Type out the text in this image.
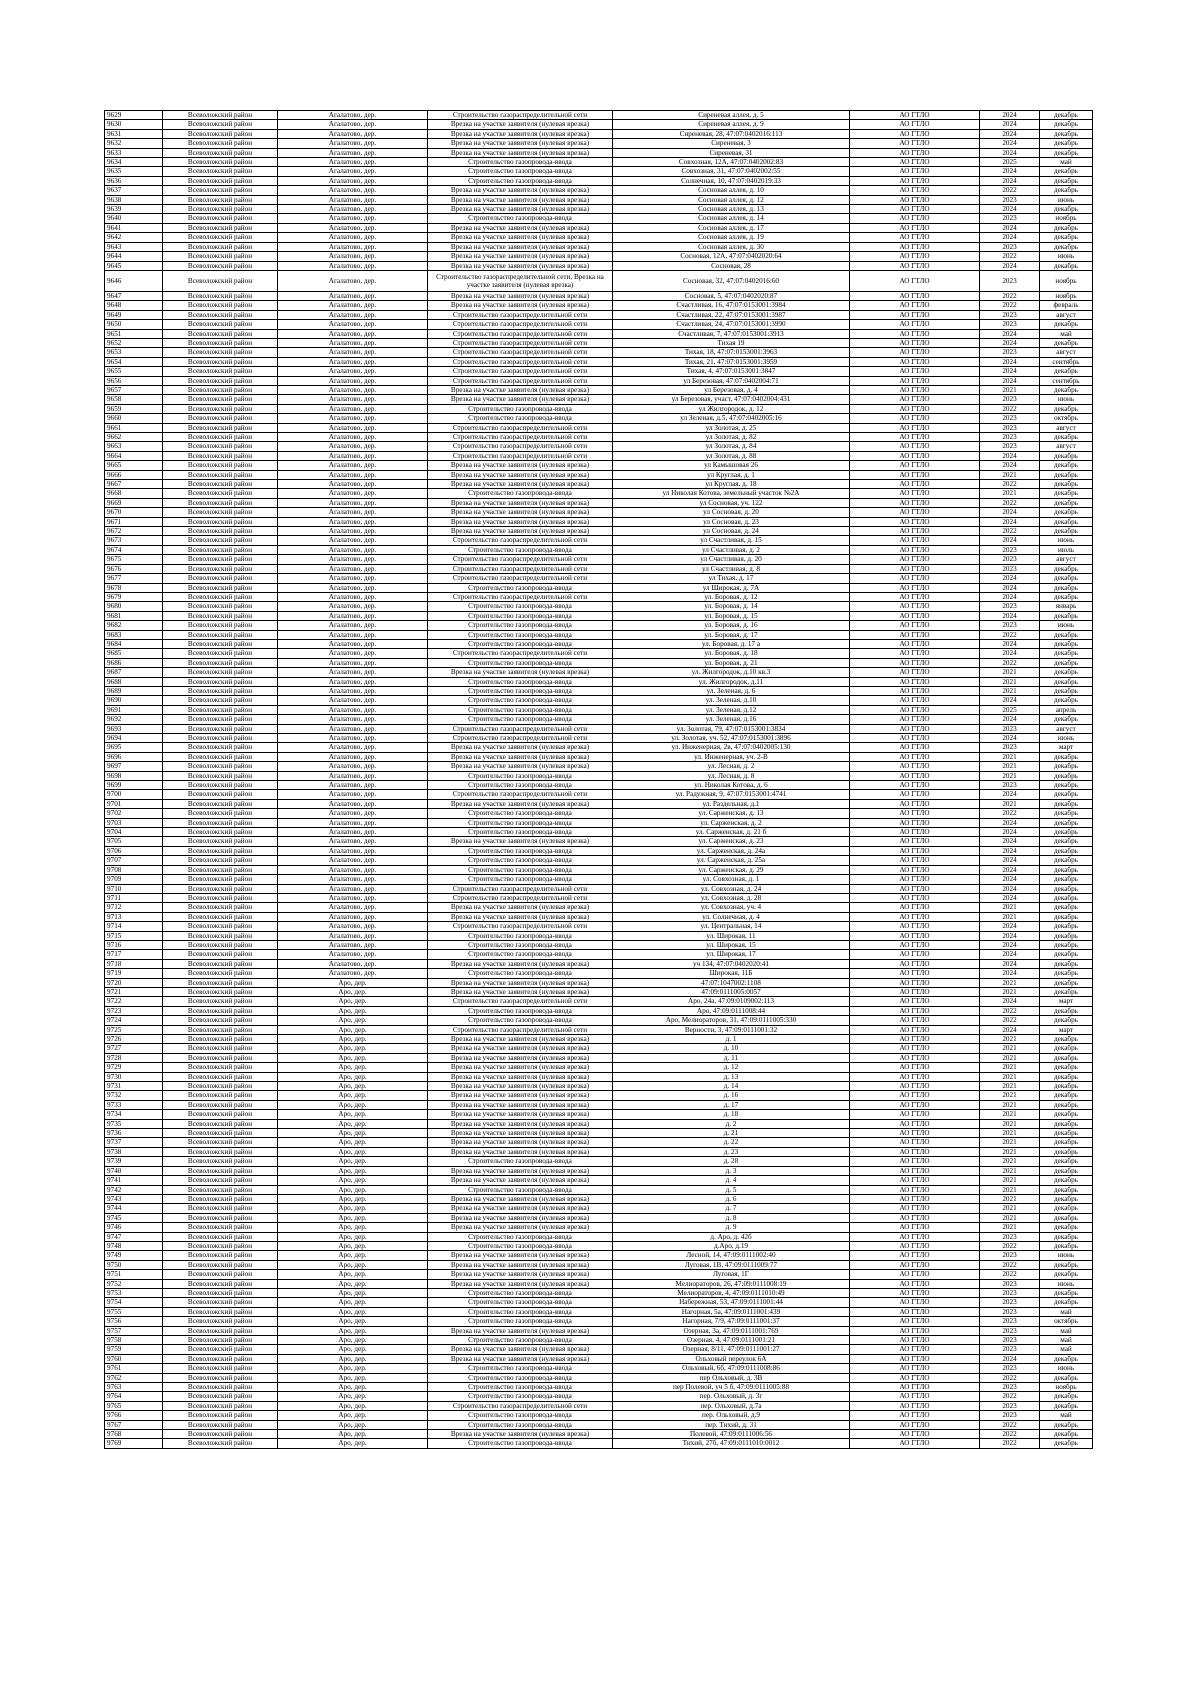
9629	Всеволожский район	Агалатово, дер.	Строительство газораспределительной сети	Сиреневая аллея, д. 5	АО ГТЛО	2024	декабрь
9630	Всеволожский район	Агалатово, дер.	Врезка на участке заявителя (нулевая врезка)	Сиреневая аллея, д. 9	АО ГТЛО	2024	декабрь
9631	Всеволожский район	Агалатово, дер.	Врезка на участке заявителя (нулевая врезка)	Сиреневая, 28, 47:07:0402016:113	АО ГТЛО	2024	декабрь
9632	Всеволожский район	Агалатово, дер.	Врезка на участке заявителя (нулевая врезка)	Сиреневая, 3	АО ГТЛО	2024	декабрь
9633	Всеволожский район	Агалатово, дер.	Врезка на участке заявителя (нулевая врезка)	Сиреневая, 31	АО ГТЛО	2024	декабрь
9634	Всеволожский район	Агалатово, дер.	Строительство газопровода-ввода	Совхозная, 12А, 47:07:0402002:83	АО ГТЛО	2025	май
9635	Всеволожский район	Агалатово, дер.	Строительство газопровода-ввода	Совхозная, 31, 47:07:0402002:55	АО ГТЛО	2024	декабрь
9636	Всеволожский район	Агалатово, дер.	Строительство газопровода-ввода	Солнечная, 10, 47:07:0402019:33	АО ГТЛО	2024	декабрь
9637	Всеволожский район	Агалатово, дер.	Врезка на участке заявителя (нулевая врезка)	Сосновая аллея, д. 10	АО ГТЛО	2022	декабрь
9638	Всеволожский район	Агалатово, дер.	Врезка на участке заявителя (нулевая врезка)	Сосновая аллея, д. 12	АО ГТЛО	2023	июнь
9639	Всеволожский район	Агалатово, дер.	Врезка на участке заявителя (нулевая врезка)	Сосновая аллея, д. 13	АО ГТЛО	2024	декабрь
9640	Всеволожский район	Агалатово, дер.	Строительство газопровода-ввода	Сосновая аллея, д. 14	АО ГТЛО	2023	ноябрь
9641	Всеволожский район	Агалатово, дер.	Врезка на участке заявителя (нулевая врезка)	Сосновая аллея, д. 17	АО ГТЛО	2024	декабрь
9642	Всеволожский район	Агалатово, дер.	Врезка на участке заявителя (нулевая врезка)	Сосновая аллея, д. 19	АО ГТЛО	2024	декабрь
9643	Всеволожский район	Агалатово, дер.	Врезка на участке заявителя (нулевая врезка)	Сосновая аллея, д. 30	АО ГТЛО	2023	декабрь
9644	Всеволожский район	Агалатово, дер.	Врезка на участке заявителя (нулевая врезка)	Сосновая, 12А, 47:07:0402020:64	АО ГТЛО	2022	июнь
9645	Всеволожский район	Агалатово, дер.	Врезка на участке заявителя (нулевая врезка)	Сосновая, 28	АО ГТЛО	2024	декабрь
9646	Всеволожский район	Агалатово, дер.	Строительство газораспределительной сети, Врезка на участке заявителя (нулевая врезка)	Сосновая, 32, 47:07:0402016:60	АО ГТЛО	2023	ноябрь
9647	Всеволожский район	Агалатово, дер.	Врезка на участке заявителя (нулевая врезка)	Сосновая, 5, 47:07:0402020:87	АО ГТЛО	2022	ноябрь
9648	Всеволожский район	Агалатово, дер.	Врезка на участке заявителя (нулевая врезка)	Счастливая, 16, 47:07:0153001:3984	АО ГТЛО	2022	февраль
9649	Всеволожский район	Агалатово, дер.	Строительство газораспределительной сети	Счастливая, 22, 47:07:0153001:3987	АО ГТЛО	2023	август
9650	Всеволожский район	Агалатово, дер.	Строительство газораспределительной сети	Счастливая, 24, 47:07:0153001:3990	АО ГТЛО	2023	декабрь
9651	Всеволожский район	Агалатово, дер.	Строительство газораспределительной сети	Счастливая, 7, 47:07:0153001:3913	АО ГТЛО	2024	май
9652	Всеволожский район	Агалатово, дер.	Строительство газораспределительной сети	Тихая 19	АО ГТЛО	2024	декабрь
9653	Всеволожский район	Агалатово, дер.	Строительство газораспределительной сети	Тихая, 18, 47:07:0153001:3963	АО ГТЛО	2023	август
9654	Всеволожский район	Агалатово, дер.	Строительство газораспределительной сети	Тихая, 21, 47:07:0153001:3959	АО ГТЛО	2024	сентябрь
9655	Всеволожский район	Агалатово, дер.	Строительство газораспределительной сети	Тихая, 4, 47:07:0153001:3847	АО ГТЛО	2024	декабрь
9656	Всеволожский район	Агалатово, дер.	Строительство газораспределительной сети	ул Березовая, 47:07:0402004:71	АО ГТЛО	2024	сентябрь
9657	Всеволожский район	Агалатово, дер.	Врезка на участке заявителя (нулевая врезка)	ул Березовая, д. 4	АО ГТЛО	2021	декабрь
9658	Всеволожский район	Агалатово, дер.	Врезка на участке заявителя (нулевая врезка)	ул Березовая, участ, 47:07:0402004:431	АО ГТЛО	2023	июнь
9659	Всеволожский район	Агалатово, дер.	Строительство газопровода-ввода	ул Жилгородок, д. 12	АО ГТЛО	2022	декабрь
9660	Всеволожский район	Агалатово, дер.	Строительство газопровода-ввода	ул Зеленая, д.5, 47:07:0402005:16	АО ГТЛО	2023	октябрь
9661	Всеволожский район	Агалатово, дер.	Строительство газораспределительной сети	ул Золотая, д. 25	АО ГТЛО	2023	август
9662	Всеволожский район	Агалатово, дер.	Строительство газораспределительной сети	ул Золотая, д. 82	АО ГТЛО	2023	декабрь
9663	Всеволожский район	Агалатово, дер.	Строительство газораспределительной сети	ул Золотая, д. 84	АО ГТЛО	2023	август
9664	Всеволожский район	Агалатово, дер.	Строительство газораспределительной сети	ул Золотая, д. 88	АО ГТЛО	2024	декабрь
9665	Всеволожский район	Агалатово, дер.	Врезка на участке заявителя (нулевая врезка)	ул Камышовая 26	АО ГТЛО	2024	декабрь
9666	Всеволожский район	Агалатово, дер.	Врезка на участке заявителя (нулевая врезка)	ул Круглая, д. 1	АО ГТЛО	2021	декабрь
9667	Всеволожский район	Агалатово, дер.	Врезка на участке заявителя (нулевая врезка)	ул Круглая, д. 18	АО ГТЛО	2022	декабрь
9668	Всеволожский район	Агалатово, дер.	Строительство газопровода-ввода	ул Николая Котова, земельный участок №2А	АО ГТЛО	2021	декабрь
9669	Всеволожский район	Агалатово, дер.	Врезка на участке заявителя (нулевая врезка)	ул Сосновая, уч. 122	АО ГТЛО	2022	декабрь
9670	Всеволожский район	Агалатово, дер.	Врезка на участке заявителя (нулевая врезка)	ул Сосновая, д. 20	АО ГТЛО	2024	декабрь
9671	Всеволожский район	Агалатово, дер.	Врезка на участке заявителя (нулевая врезка)	ул Сосновая, д. 23	АО ГТЛО	2024	декабрь
9672	Всеволожский район	Агалатово, дер.	Врезка на участке заявителя (нулевая врезка)	ул Сосновая, д. 24	АО ГТЛО	2022	декабрь
9673	Всеволожский район	Агалатово, дер.	Строительство газораспределительной сети	ул Счастливая, д. 15	АО ГТЛО	2024	июнь
9674	Всеволожский район	Агалатово, дер.	Строительство газопровода-ввода	ул Счастливая, д. 2	АО ГТЛО	2023	июль
9675	Всеволожский район	Агалатово, дер.	Строительство газораспределительной сети	ул Счастливая, д. 20	АО ГТЛО	2023	август
9676	Всеволожский район	Агалатово, дер.	Строительство газораспределительной сети	ул Счастливая, д. 8	АО ГТЛО	2023	декабрь
9677	Всеволожский район	Агалатово, дер.	Строительство газораспределительной сети	ул Тихая, д. 17	АО ГТЛО	2024	декабрь
9678	Всеволожский район	Агалатово, дер.	Строительство газопровода-ввода	ул Широкая, д. 7А	АО ГТЛО	2024	декабрь
9679	Всеволожский район	Агалатово, дер.	Строительство газораспределительной сети	ул. Боровая, д. 12	АО ГТЛО	2024	декабрь
9680	Всеволожский район	Агалатово, дер.	Строительство газопровода-ввода	ул. Боровая, д. 14	АО ГТЛО	2023	январь
9681	Всеволожский район	Агалатово, дер.	Строительство газопровода-ввода	ул. Боровая, д. 15	АО ГТЛО	2024	декабрь
9682	Всеволожский район	Агалатово, дер.	Строительство газопровода-ввода	ул. Боровая, д. 16	АО ГТЛО	2023	июнь
9683	Всеволожский район	Агалатово, дер.	Строительство газопровода-ввода	ул. Боровая, д. 17	АО ГТЛО	2022	декабрь
9684	Всеволожский район	Агалатово, дер.	Строительство газопровода-ввода	ул. Боровая, д. 17 а	АО ГТЛО	2024	декабрь
9685	Всеволожский район	Агалатово, дер.	Строительство газораспределительной сети	ул. Боровая, д. 18	АО ГТЛО	2024	декабрь
9686	Всеволожский район	Агалатово, дер.	Строительство газопровода-ввода	ул. Боровая, д. 21	АО ГТЛО	2022	декабрь
9687	Всеволожский район	Агалатово, дер.	Врезка на участке заявителя (нулевая врезка)	ул. Жилгородок, д.10 кв.3	АО ГТЛО	2021	декабрь
9688	Всеволожский район	Агалатово, дер.	Строительство газопровода-ввода	ул. Жилгородок, д.11	АО ГТЛО	2021	декабрь
9689	Всеволожский район	Агалатово, дер.	Строительство газопровода-ввода	ул. Зеленая, д. 6	АО ГТЛО	2021	декабрь
9690	Всеволожский район	Агалатово, дер.	Строительство газопровода-ввода	ул. Зеленая, д.10	АО ГТЛО	2024	декабрь
9691	Всеволожский район	Агалатово, дер.	Строительство газопровода-ввода	ул. Зеленая, д.12	АО ГТЛО	2025	апрель
9692	Всеволожский район	Агалатово, дер.	Строительство газопровода-ввода	ул. Зеленая, д.16	АО ГТЛО	2024	декабрь
9693	Всеволожский район	Агалатово, дер.	Строительство газораспределительной сети	ул. Золотая, 79, 47:07:0153001:3834	АО ГТЛО	2023	август
9694	Всеволожский район	Агалатово, дер.	Строительство газораспределительной сети	ул. Золотая, уч. 52, 47:07:0153001:3896	АО ГТЛО	2024	июнь
9695	Всеволожский район	Агалатово, дер.	Врезка на участке заявителя (нулевая врезка)	ул. Инженерная, 2в, 47:07:0402005:130	АО ГТЛО	2023	март
9696	Всеволожский район	Агалатово, дер.	Врезка на участке заявителя (нулевая врезка)	ул. Инженерная, уч. 2-В	АО ГТЛО	2021	декабрь
9697	Всеволожский район	Агалатово, дер.	Врезка на участке заявителя (нулевая врезка)	ул. Лесная, д. 2	АО ГТЛО	2021	декабрь
9698	Всеволожский район	Агалатово, дер.	Строительство газопровода-ввода	ул. Лесная, д. 8	АО ГТЛО	2021	декабрь
9699	Всеволожский район	Агалатово, дер.	Строительство газопровода-ввода	ул. Николая Котова, д. 6	АО ГТЛО	2023	декабрь
9700	Всеволожский район	Агалатово, дер.	Строительство газораспределительной сети	ул. Радужная, 9, 47:07:0153001:4741	АО ГТЛО	2024	декабрь
9701	Всеволожский район	Агалатово, дер.	Врезка на участке заявителя (нулевая врезка)	ул. Раздельная, д.1	АО ГТЛО	2021	декабрь
9702	Всеволожский район	Агалатово, дер.	Строительство газопровода-ввода	ул. Сарженская, д. 13	АО ГТЛО	2022	декабрь
9703	Всеволожский район	Агалатово, дер.	Строительство газопровода-ввода	ул. Сарженская, д. 2	АО ГТЛО	2024	декабрь
9704	Всеволожский район	Агалатово, дер.	Строительство газопровода-ввода	ул. Сарженская, д. 21 б	АО ГТЛО	2024	декабрь
9705	Всеволожский район	Агалатово, дер.	Врезка на участке заявителя (нулевая врезка)	ул. Сарженская, д. 23	АО ГТЛО	2024	декабрь
9706	Всеволожский район	Агалатово, дер.	Строительство газопровода-ввода	ул. Сарженская, д. 24а	АО ГТЛО	2024	декабрь
9707	Всеволожский район	Агалатово, дер.	Строительство газопровода-ввода	ул. Сарженская, д. 25а	АО ГТЛО	2024	декабрь
9708	Всеволожский район	Агалатово, дер.	Строительство газопровода-ввода	ул. Сарженская, д. 29	АО ГТЛО	2024	декабрь
9709	Всеволожский район	Агалатово, дер.	Строительство газопровода-ввода	ул. Совхозная, д. 1	АО ГТЛО	2024	декабрь
9710	Всеволожский район	Агалатово, дер.	Строительство газораспределительной сети	ул. Совхозная, д. 24	АО ГТЛО	2024	декабрь
9711	Всеволожский район	Агалатово, дер.	Строительство газораспределительной сети	ул. Совхозная, д. 28	АО ГТЛО	2024	декабрь
9712	Всеволожский район	Агалатово, дер.	Врезка на участке заявителя (нулевая врезка)	ул. Совхозная, уч. 4	АО ГТЛО	2021	декабрь
9713	Всеволожский район	Агалатово, дер.	Врезка на участке заявителя (нулевая врезка)	ул. Солнечная, д. 4	АО ГТЛО	2021	декабрь
9714	Всеволожский район	Агалатово, дер.	Строительство газораспределительной сети	ул. Центральная, 14	АО ГТЛО	2024	декабрь
9715	Всеволожский район	Агалатово, дер.	Строительство газопровода-ввода	ул. Широкая, 11	АО ГТЛО	2024	декабрь
9716	Всеволожский район	Агалатово, дер.	Строительство газопровода-ввода	ул. Широкая, 15	АО ГТЛО	2024	декабрь
9717	Всеволожский район	Агалатово, дер.	Строительство газопровода-ввода	ул. Широкая, 17	АО ГТЛО	2024	декабрь
9718	Всеволожский район	Агалатово, дер.	Врезка на участке заявителя (нулевая врезка)	уч 134, 47:07:0402020:41	АО ГТЛО	2024	декабрь
9719	Всеволожский район	Агалатово, дер.	Строительство газопровода-ввода	Широкая, 11Б	АО ГТЛО	2024	декабрь
9720	Всеволожский район	Аро, дер.	Врезка на участке заявителя (нулевая врезка)	47:07:1047002:1108	АО ГТЛО	2021	декабрь
9721	Всеволожский район	Аро, дер.	Врезка на участке заявителя (нулевая врезка)	47:09:0111005:0057	АО ГТЛО	2021	декабрь
9722	Всеволожский район	Аро, дер.	Строительство газораспределительной сети	Аро, 24а, 47:09:0109002:113	АО ГТЛО	2024	март
9723	Всеволожский район	Аро, дер.	Строительство газопровода-ввода	Аро, 47:09:0111008:44	АО ГТЛО	2022	декабрь
9724	Всеволожский район	Аро, дер.	Строительство газопровода-ввода	Аро, Мелиораторов, 31, 47:09:0111005:330	АО ГТЛО	2022	декабрь
9725	Всеволожский район	Аро, дер.	Строительство газораспределительной сети	Верности, 3, 47:09:0111001:32	АО ГТЛО	2024	март
9726	Всеволожский район	Аро, дер.	Врезка на участке заявителя (нулевая врезка)	д. 1	АО ГТЛО	2021	декабрь
9727	Всеволожский район	Аро, дер.	Врезка на участке заявителя (нулевая врезка)	д. 10	АО ГТЛО	2021	декабрь
9728	Всеволожский район	Аро, дер.	Врезка на участке заявителя (нулевая врезка)	д. 11	АО ГТЛО	2021	декабрь
9729	Всеволожский район	Аро, дер.	Врезка на участке заявителя (нулевая врезка)	д. 12	АО ГТЛО	2021	декабрь
9730	Всеволожский район	Аро, дер.	Врезка на участке заявителя (нулевая врезка)	д. 13	АО ГТЛО	2021	декабрь
9731	Всеволожский район	Аро, дер.	Врезка на участке заявителя (нулевая врезка)	д. 14	АО ГТЛО	2021	декабрь
9732	Всеволожский район	Аро, дер.	Врезка на участке заявителя (нулевая врезка)	д. 16	АО ГТЛО	2021	декабрь
9733	Всеволожский район	Аро, дер.	Врезка на участке заявителя (нулевая врезка)	д. 17	АО ГТЛО	2021	декабрь
9734	Всеволожский район	Аро, дер.	Врезка на участке заявителя (нулевая врезка)	д. 18	АО ГТЛО	2021	декабрь
9735	Всеволожский район	Аро, дер.	Врезка на участке заявителя (нулевая врезка)	д. 2	АО ГТЛО	2021	декабрь
9736	Всеволожский район	Аро, дер.	Врезка на участке заявителя (нулевая врезка)	д. 21	АО ГТЛО	2021	декабрь
9737	Всеволожский район	Аро, дер.	Врезка на участке заявителя (нулевая врезка)	д. 22	АО ГТЛО	2021	декабрь
9738	Всеволожский район	Аро, дер.	Врезка на участке заявителя (нулевая врезка)	д. 23	АО ГТЛО	2021	декабрь
9739	Всеволожский район	Аро, дер.	Строительство газопровода-ввода	д. 28	АО ГТЛО	2021	декабрь
9740	Всеволожский район	Аро, дер.	Врезка на участке заявителя (нулевая врезка)	д. 3	АО ГТЛО	2021	декабрь
9741	Всеволожский район	Аро, дер.	Врезка на участке заявителя (нулевая врезка)	д. 4	АО ГТЛО	2021	декабрь
9742	Всеволожский район	Аро, дер.	Строительство газопровода-ввода	д. 5	АО ГТЛО	2021	декабрь
9743	Всеволожский район	Аро, дер.	Врезка на участке заявителя (нулевая врезка)	д. 6	АО ГТЛО	2021	декабрь
9744	Всеволожский район	Аро, дер.	Врезка на участке заявителя (нулевая врезка)	д. 7	АО ГТЛО	2021	декабрь
9745	Всеволожский район	Аро, дер.	Врезка на участке заявителя (нулевая врезка)	д. 8	АО ГТЛО	2021	декабрь
9746	Всеволожский район	Аро, дер.	Врезка на участке заявителя (нулевая врезка)	д. 9	АО ГТЛО	2021	декабрь
9747	Всеволожский район	Аро, дер.	Строительство газопровода-ввода	д. Аро, д. 42б	АО ГТЛО	2023	декабрь
9748	Всеволожский район	Аро, дер.	Строительство газопровода-ввода	д.Аро, д.19	АО ГТЛО	2022	декабрь
9749	Всеволожский район	Аро, дер.	Врезка на участке заявителя (нулевая врезка)	Лесной, 14, 47:09:0111002:40	АО ГТЛО	2023	июнь
9750	Всеволожский район	Аро, дер.	Врезка на участке заявителя (нулевая врезка)	Луговая, 1В, 47:09:0111009:77	АО ГТЛО	2022	декабрь
9751	Всеволожский район	Аро, дер.	Врезка на участке заявителя (нулевая врезка)	Луговая, 1Г	АО ГТЛО	2022	декабрь
9752	Всеволожский район	Аро, дер.	Врезка на участке заявителя (нулевая врезка)	Мелиораторов, 26, 47:09:0111008:19	АО ГТЛО	2023	июнь
9753	Всеволожский район	Аро, дер.	Строительство газопровода-ввода	Мелиораторов, 4, 47:09:0111010:49	АО ГТЛО	2023	декабрь
9754	Всеволожский район	Аро, дер.	Строительство газопровода-ввода	Набережная, 53, 47:09:0111001:44	АО ГТЛО	2023	декабрь
9755	Всеволожский район	Аро, дер.	Строительство газопровода-ввода	Нагорная, 5а, 47:09:0111001:439	АО ГТЛО	2023	май
9756	Всеволожский район	Аро, дер.	Строительство газопровода-ввода	Нагорная, 7/9, 47:09:0111001:37	АО ГТЛО	2023	октябрь
9757	Всеволожский район	Аро, дер.	Врезка на участке заявителя (нулевая врезка)	Озерная, 3а, 47:09:0111001:769	АО ГТЛО	2023	май
9758	Всеволожский район	Аро, дер.	Строительство газопровода-ввода	Озерная, 4, 47:09:0111001:21	АО ГТЛО	2023	май
9759	Всеволожский район	Аро, дер.	Врезка на участке заявителя (нулевая врезка)	Озерная, 8/11, 47:09:0111001:27	АО ГТЛО	2023	май
9760	Всеволожский район	Аро, дер.	Врезка на участке заявителя (нулевая врезка)	Ольховый переулок 6А	АО ГТЛО	2024	декабрь
9761	Всеволожский район	Аро, дер.	Строительство газопровода-ввода	Ольховый, 6б, 47:09:0111008:86	АО ГТЛО	2023	июнь
9762	Всеволожский район	Аро, дер.	Строительство газопровода-ввода	пер Ольховый, д. 3В	АО ГТЛО	2022	декабрь
9763	Всеволожский район	Аро, дер.	Строительство газопровода-ввода	пер Полевой, уч 5 б, 47:09:0111005:88	АО ГТЛО	2023	ноябрь
9764	Всеволожский район	Аро, дер.	Строительство газопровода-ввода	пер. Ольховый, д. 3г	АО ГТЛО	2022	декабрь
9765	Всеволожский район	Аро, дер.	Строительство газораспределительной сети	пер. Ольховый, д.7а	АО ГТЛО	2023	декабрь
9766	Всеволожский район	Аро, дер.	Строительство газопровода-ввода	пер. Ольховый, д.9	АО ГТЛО	2023	май
9767	Всеволожский район	Аро, дер.	Строительство газопровода-ввода	пер. Тихий, д. 31	АО ГТЛО	2022	декабрь
9768	Всеволожский район	Аро, дер.	Врезка на участке заявителя (нулевая врезка)	Полевой, 47:09:0111006:56	АО ГТЛО	2022	декабрь
9769	Всеволожский район	Аро, дер.	Строительство газопровода-ввода	Тихий, 27б, 47:09:0111010:0012	АО ГТЛО	2022	декабрь
